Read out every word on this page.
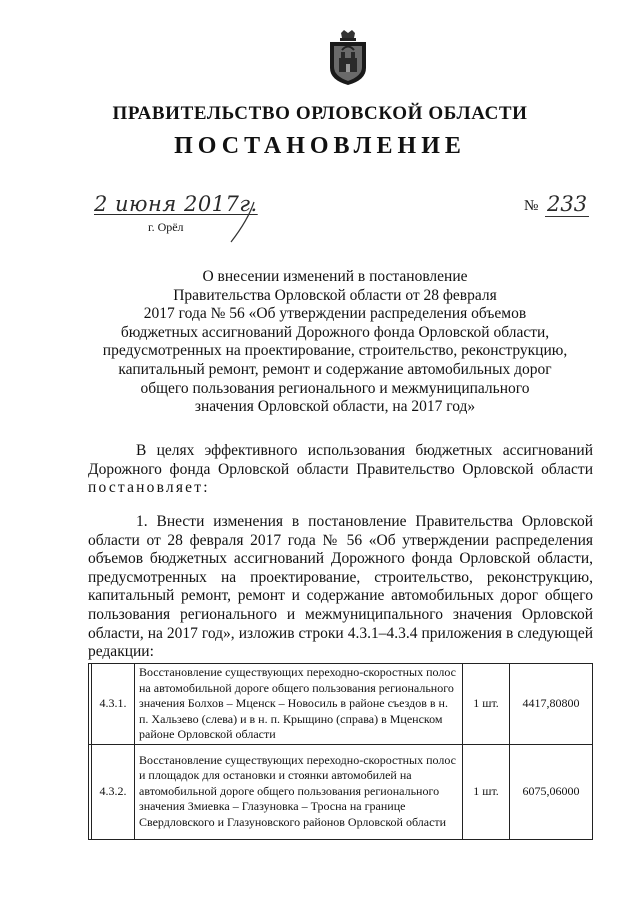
ПРАВИТЕЛЬСТВО ОРЛОВСКОЙ ОБЛАСТИ
ПОСТАНОВЛЕНИЕ
2 июня 2017г.
г. Орёл
№ 233
О внесении изменений в постановление
Правительства Орловской области от 28 февраля
2017 года № 56 «Об утверждении распределения объемов
бюджетных ассигнований Дорожного фонда Орловской области,
предусмотренных на проектирование, строительство, реконструкцию,
капитальный ремонт, ремонт и содержание автомобильных дорог
общего пользования регионального и межмуниципального
значения Орловской области, на 2017 год»
В целях эффективного использования бюджетных ассигнований Дорожного фонда Орловской области Правительство Орловской области постановляет:
1. Внести изменения в постановление Правительства Орловской области от 28 февраля 2017 года № 56 «Об утверждении распределения объемов бюджетных ассигнований Дорожного фонда Орловской области, предусмотренных на проектирование, строительство, реконструкцию, капитальный ремонт, ремонт и содержание автомобильных дорог общего пользования регионального и межмуниципального значения Орловской области, на 2017 год», изложив строки 4.3.1–4.3.4 приложения в следующей редакции:
	4.3.1.	Восстановление существующих переходно-скоростных полос на автомобильной дороге общего пользования регионального значения Болхов – Мценск – Новосиль в районе съездов в н. п. Хальзево (слева) и в н. п. Крыщино (справа) в Мценском районе Орловской области	1 шт.	4417,80800
	4.3.2.	Восстановление существующих переходно-скоростных полос и площадок для остановки и стоянки автомобилей на автомобильной дороге общего пользования регионального значения Змиевка – Глазуновка – Тросна на границе Свердловского и Глазуновского районов Орловской области	1 шт.	6075,06000
